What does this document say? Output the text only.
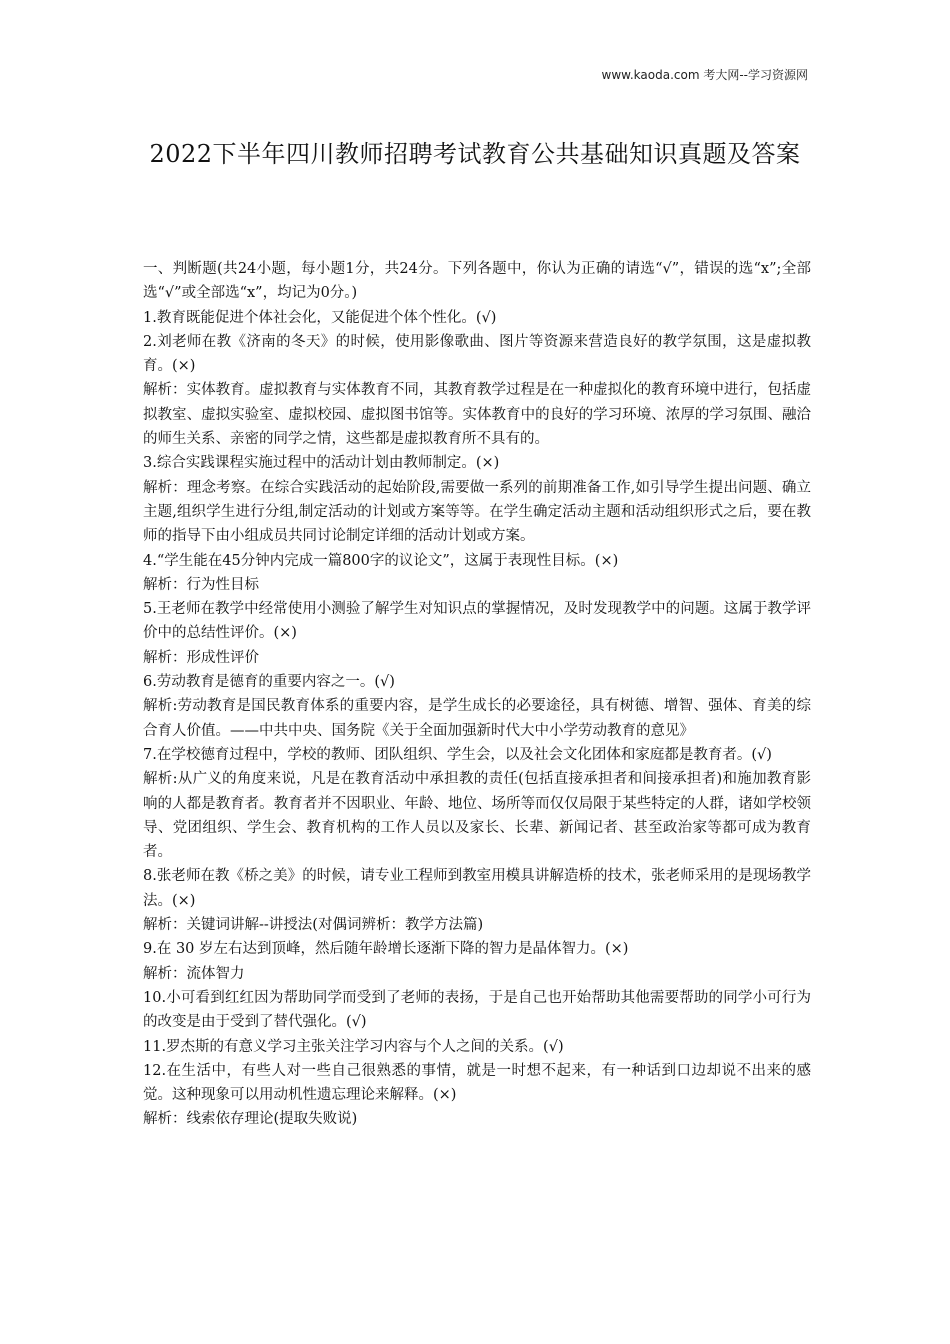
www.kaoda.com 考大网--学习资源网
2022下半年四川教师招聘考试教育公共基础知识真题及答案

一、判断题(共24小题，每小题1分，共24分。下列各题中，你认为正确的请选“√”，错误的选“x”;全部选“√”或全部选“x”，均记为0分。)

1.教育既能促进个体社会化，又能促进个体个性化。(√)

2.刘老师在教《济南的冬天》的时候，使用影像歌曲、图片等资源来营造良好的教学氛围，这是虚拟教育。(×)

解析：实体教育。虚拟教育与实体教育不同，其教育教学过程是在一种虚拟化的教育环境中进行，包括虚拟教室、虚拟实验室、虚拟校园、虚拟图书馆等。实体教育中的良好的学习环境、浓厚的学习氛围、融洽的师生关系、亲密的同学之情，这些都是虚拟教育所不具有的。

3.综合实践课程实施过程中的活动计划由教师制定。(×)

解析：理念考察。在综合实践活动的起始阶段,需要做一系列的前期准备工作,如引导学生提出问题、确立主题,组织学生进行分组,制定活动的计划或方案等等。在学生确定活动主题和活动组织形式之后，要在教师的指导下由小组成员共同讨论制定详细的活动计划或方案。

4.“学生能在45分钟内完成一篇800字的议论文”，这属于表现性目标。(×)

解析：行为性目标

5.王老师在教学中经常使用小测验了解学生对知识点的掌握情况，及时发现教学中的问题。这属于教学评价中的总结性评价。(×)

解析：形成性评价

6.劳动教育是德育的重要内容之一。(√)

解析:劳动教育是国民教育体系的重要内容，是学生成长的必要途径，具有树德、增智、强体、育美的综合育人价值。——中共中央、国务院《关于全面加强新时代大中小学劳动教育的意见》

7.在学校德育过程中，学校的教师、团队组织、学生会，以及社会文化团体和家庭都是教育者。(√)

解析:从广义的角度来说，凡是在教育活动中承担教的责任(包括直接承担者和间接承担者)和施加教育影响的人都是教育者。教育者并不因职业、年龄、地位、场所等而仅仅局限于某些特定的人群，诸如学校领导、党团组织、学生会、教育机构的工作人员以及家长、长辈、新闻记者、甚至政治家等都可成为教育者。

8.张老师在教《桥之美》的时候，请专业工程师到教室用模具讲解造桥的技术，张老师采用的是现场教学法。(×)

解析：关键词讲解--讲授法(对偶词辨析：教学方法篇)

9.在 30 岁左右达到顶峰，然后随年龄增长逐渐下降的智力是晶体智力。(×)

解析：流体智力

10.小可看到红红因为帮助同学而受到了老师的表扬，于是自己也开始帮助其他需要帮助的同学小可行为的改变是由于受到了替代强化。(√)

11.罗杰斯的有意义学习主张关注学习内容与个人之间的关系。(√)

12.在生活中，有些人对一些自己很熟悉的事情，就是一时想不起来，有一种话到口边却说不出来的感觉。这种现象可以用动机性遗忘理论来解释。(×)

解析：线索依存理论(提取失败说)
